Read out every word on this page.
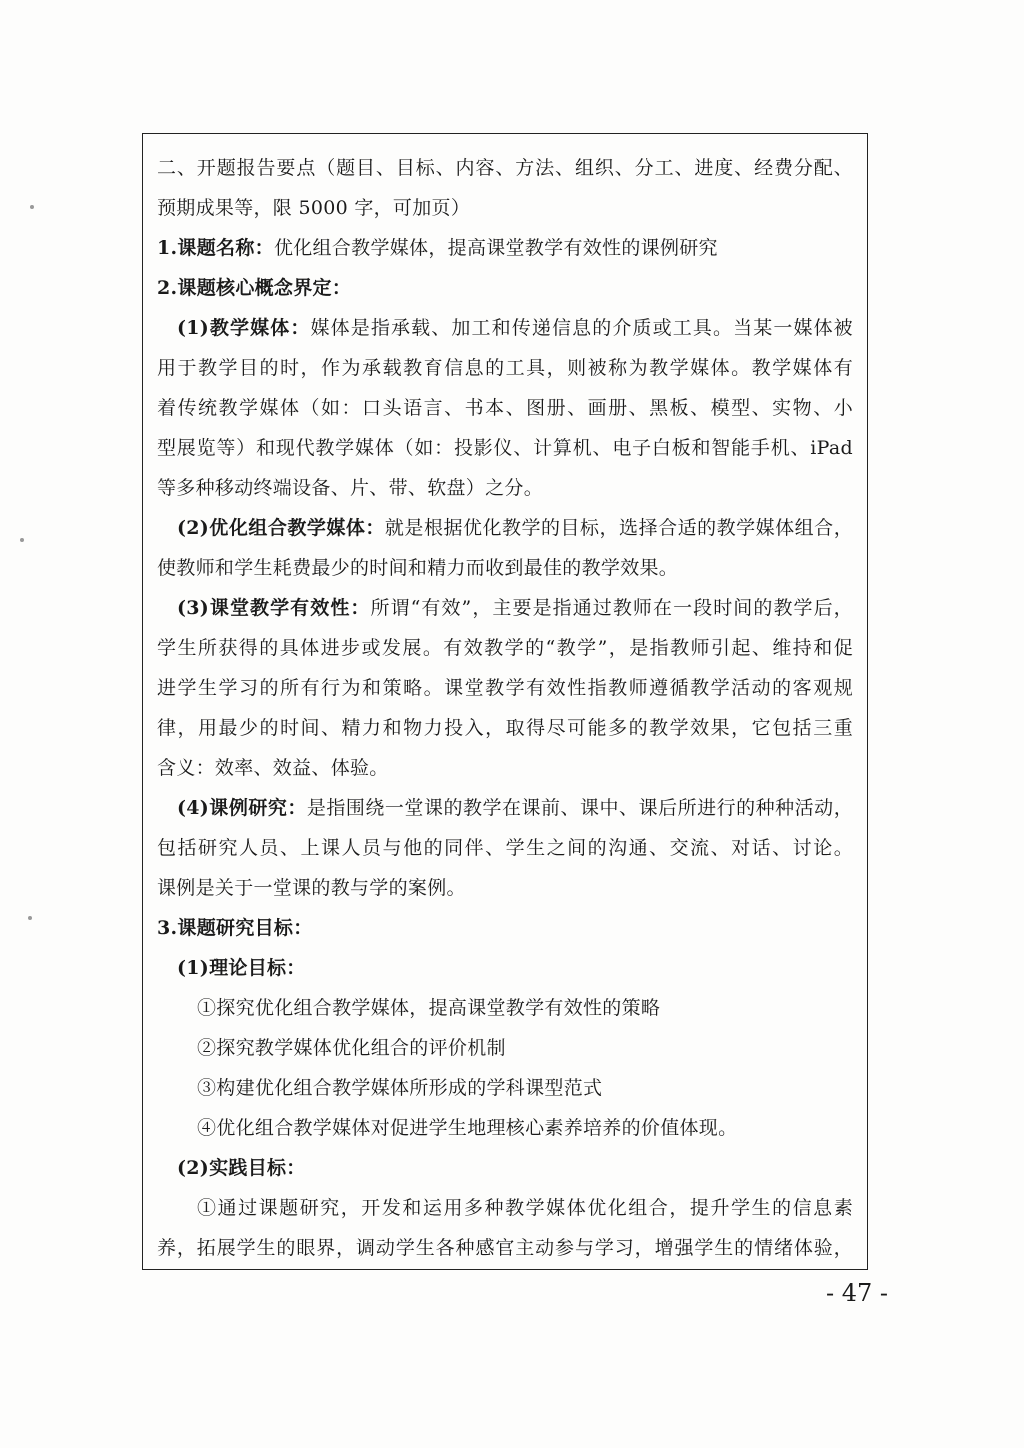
二、开题报告要点（题目、目标、内容、方法、组织、分工、进度、经费分配、
预期成果等，限 5000 字，可加页）
1.课题名称：优化组合教学媒体，提高课堂教学有效性的课例研究
2.课题核心概念界定：
(1)教学媒体：媒体是指承载、加工和传递信息的介质或工具。当某一媒体被
用于教学目的时，作为承载教育信息的工具，则被称为教学媒体。教学媒体有
着传统教学媒体（如：口头语言、书本、图册、画册、黑板、模型、实物、小
型展览等）和现代教学媒体（如：投影仪、计算机、电子白板和智能手机、iPad
等多种移动终端设备、片、带、软盘）之分。
(2)优化组合教学媒体：就是根据优化教学的目标，选择合适的教学媒体组合，
使教师和学生耗费最少的时间和精力而收到最佳的教学效果。
(3)课堂教学有效性：所谓“有效”，主要是指通过教师在一段时间的教学后，
学生所获得的具体进步或发展。有效教学的“教学”，是指教师引起、维持和促
进学生学习的所有行为和策略。课堂教学有效性指教师遵循教学活动的客观规
律，用最少的时间、精力和物力投入，取得尽可能多的教学效果，它包括三重
含义：效率、效益、体验。
(4)课例研究：是指围绕一堂课的教学在课前、课中、课后所进行的种种活动，
包括研究人员、上课人员与他的同伴、学生之间的沟通、交流、对话、讨论。
课例是关于一堂课的教与学的案例。
3.课题研究目标：
(1)理论目标：
①探究优化组合教学媒体，提高课堂教学有效性的策略
②探究教学媒体优化组合的评价机制
③构建优化组合教学媒体所形成的学科课型范式
④优化组合教学媒体对促进学生地理核心素养培养的价值体现。
(2)实践目标：
①通过课题研究，开发和运用多种教学媒体优化组合，提升学生的信息素
养，拓展学生的眼界，调动学生各种感官主动参与学习，增强学生的情绪体验，
- 47 -
